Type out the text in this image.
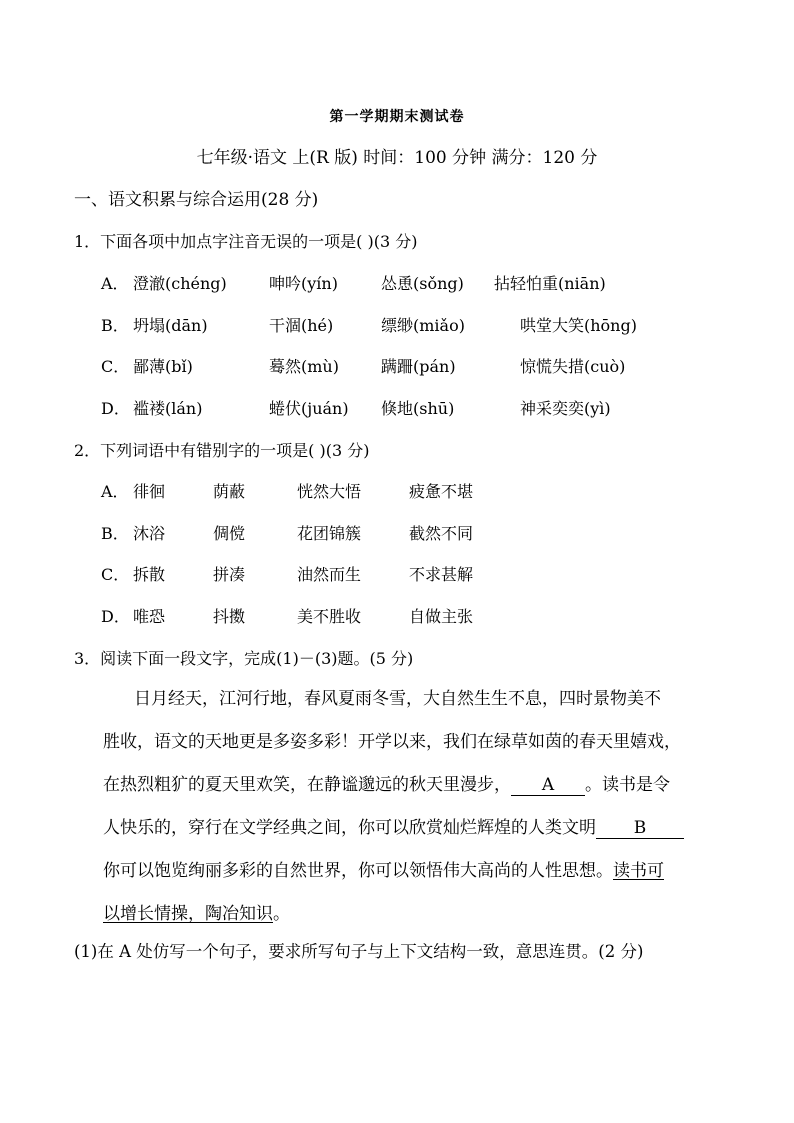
第一学期期末测试卷
七年级·语文 上(R 版) 时间：100 分钟 满分：120 分
一、语文积累与综合运用(28 分)
1．下面各项中加点字注音无误的一项是( )(3 分)
A． 澄澈(chéng)	呻吟(yín)	怂恿(sǒng) 拈轻怕重(niān)
B． 坍塌(dān)	干涸(hé)	缥缈(miǎo)	哄堂大笑(hōng)
C． 鄙薄(bǐ)	蓦然(mù)	蹒跚(pán)	惊慌失措(cuò)
D． 褴褛(lán)	蜷伏(juán) 倏地(shū)	神采奕奕(yì)
2．下列词语中有错别字的一项是( )(3 分)
A． 徘徊	荫蔽	恍然大悟	疲惫不堪
B． 沐浴	倜傥	花团锦簇	截然不同
C． 拆散	拼凑	油然而生	不求甚解
D． 唯恐	抖擞	美不胜收	自做主张
3．阅读下面一段文字，完成(1)－(3)题。(5 分)
日月经天，江河行地，春风夏雨冬雪，大自然生生不息，四时景物美不
胜收，语文的天地更是多姿多彩！开学以来，我们在绿草如茵的春天里嬉戏，
在热烈粗犷的夏天里欢笑，在静谧邈远的秋天里漫步， A 。读书是令
人快乐的，穿行在文学经典之间，你可以欣赏灿烂辉煌的人类文明 B
你可以饱览绚丽多彩的自然世界，你可以领悟伟大高尚的人性思想。读书可
以增长情操，陶冶知识。
(1)在 A 处仿写一个句子，要求所写句子与上下文结构一致，意思连贯。(2 分)
